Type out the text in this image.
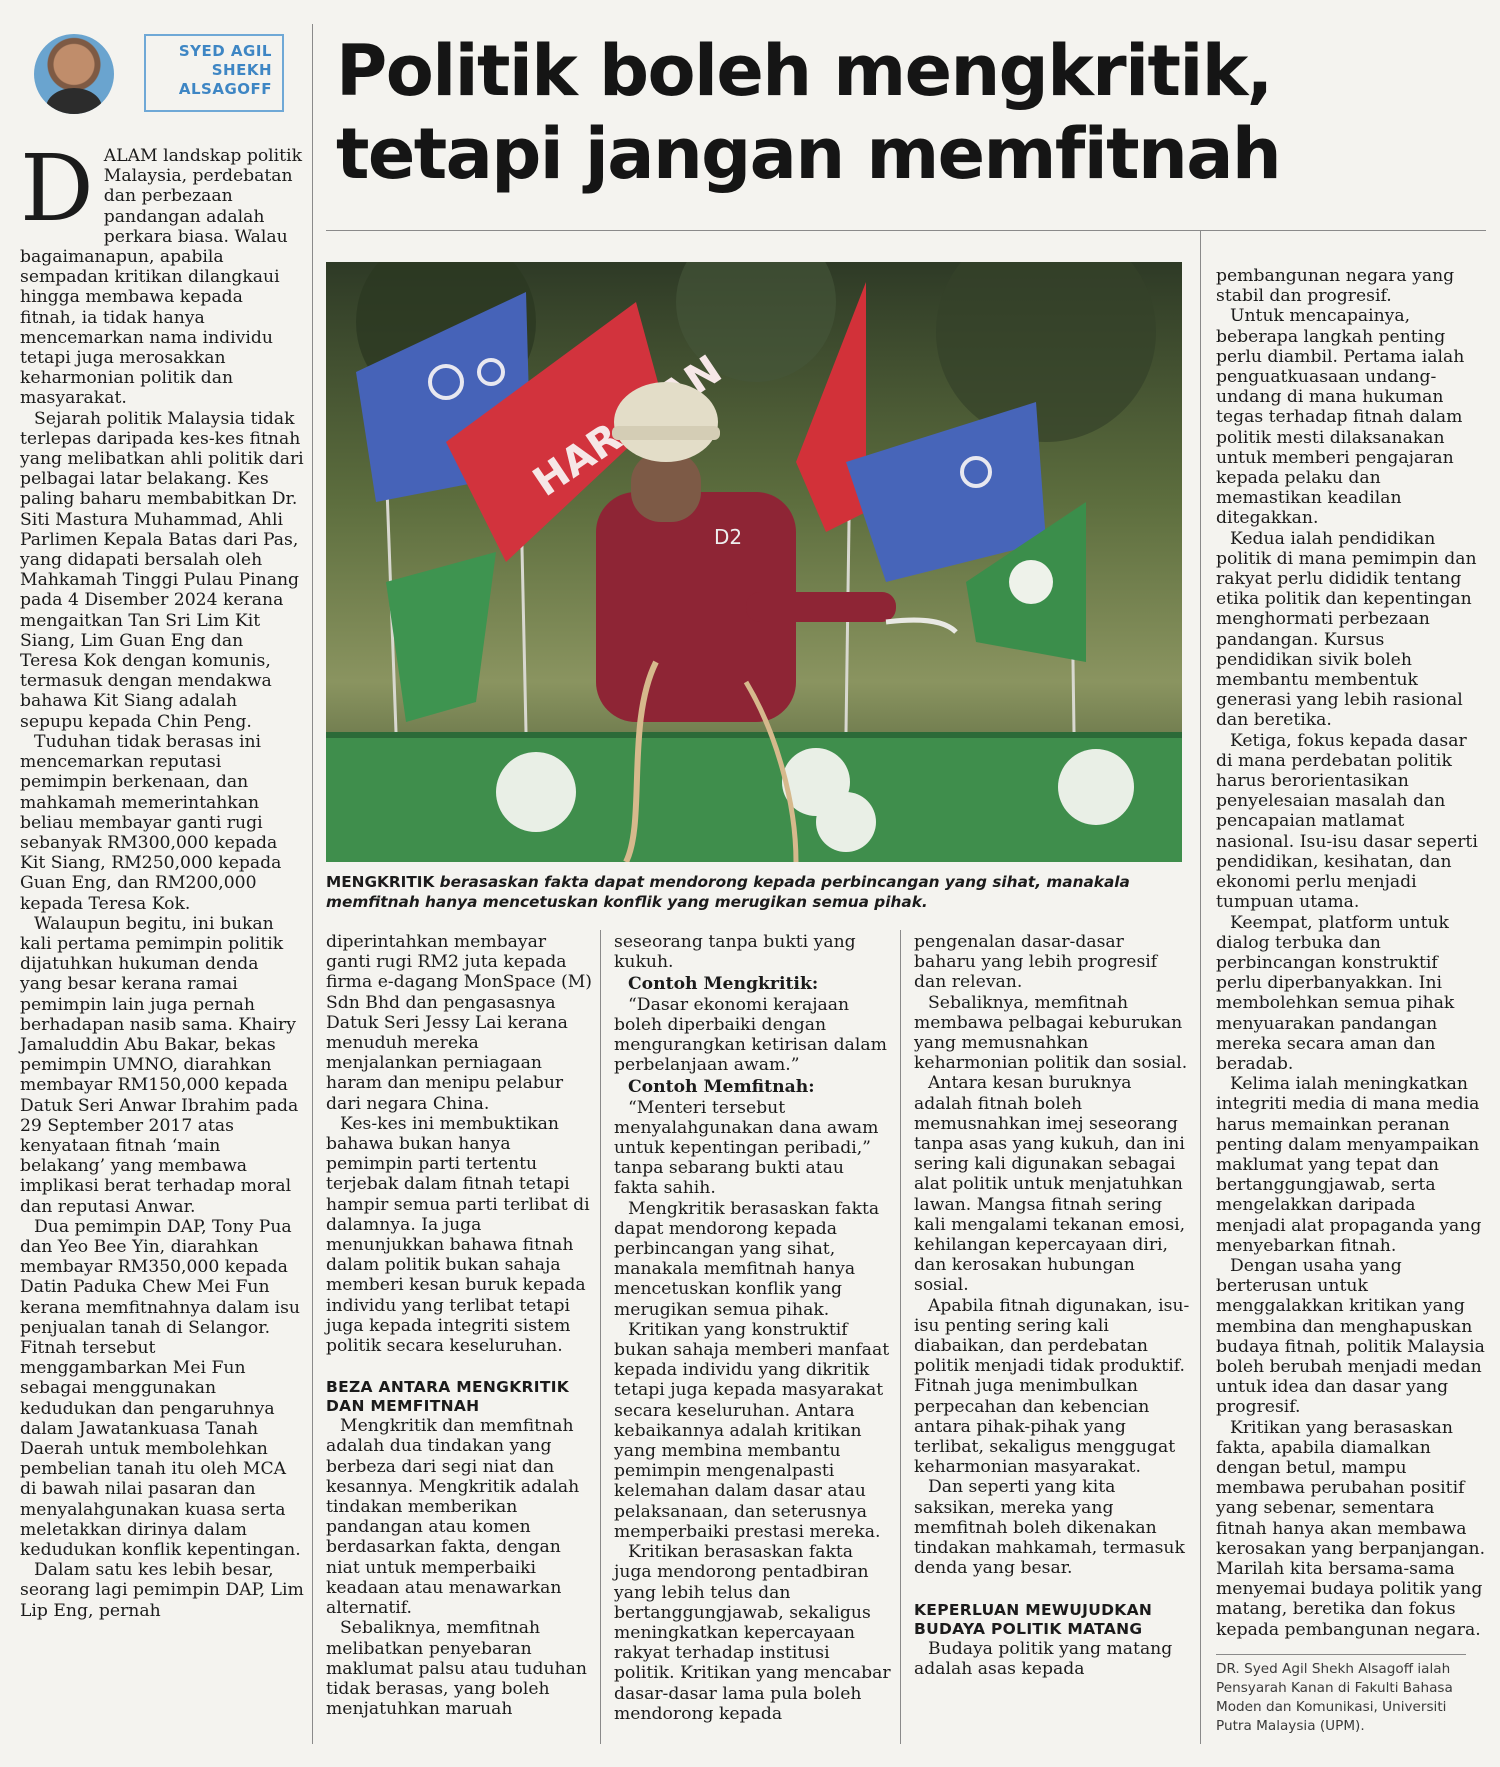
SYED AGIL
SHEKH
ALSAGOFF Politik boleh mengkritik,
tetapi jangan memfitnah

DALAM landskap politik Malaysia, perdebatan dan perbezaan pandangan adalah perkara biasa. Walau bagaimanapun, apabila sempadan kritikan dilangkaui hingga membawa kepada fitnah, ia tidak hanya mencemarkan nama individu tetapi juga merosakkan keharmonian politik dan masyarakat.

Sejarah politik Malaysia tidak terlepas daripada kes-kes fitnah yang melibatkan ahli politik dari pelbagai latar belakang. Kes paling baharu membabitkan Dr. Siti Mastura Muhammad, Ahli Parlimen Kepala Batas dari Pas, yang didapati bersalah oleh Mahkamah Tinggi Pulau Pinang pada 4 Disember 2024 kerana mengaitkan Tan Sri Lim Kit Siang, Lim Guan Eng dan Teresa Kok dengan komunis, termasuk dengan mendakwa bahawa Kit Siang adalah sepupu kepada Chin Peng.

Tuduhan tidak berasas ini mencemarkan reputasi pemimpin berkenaan, dan mahkamah memerintahkan beliau membayar ganti rugi sebanyak RM300,000 kepada Kit Siang, RM250,000 kepada Guan Eng, dan RM200,000 kepada Teresa Kok.

Walaupun begitu, ini bukan kali pertama pemimpin politik dijatuhkan hukuman denda yang besar kerana ramai pemimpin lain juga pernah berhadapan nasib sama. Khairy Jamaluddin Abu Bakar, bekas pemimpin UMNO, diarahkan membayar RM150,000 kepada Datuk Seri Anwar Ibrahim pada 29 September 2017 atas kenyataan fitnah ‘main belakang’ yang membawa implikasi berat terhadap moral dan reputasi Anwar.

Dua pemimpin DAP, Tony Pua dan Yeo Bee Yin, diarahkan membayar RM350,000 kepada Datin Paduka Chew Mei Fun kerana memfitnahnya dalam isu penjualan tanah di Selangor. Fitnah tersebut menggambarkan Mei Fun sebagai menggunakan kedudukan dan pengaruhnya dalam Jawatankuasa Tanah Daerah untuk membolehkan pembelian tanah itu oleh MCA di bawah nilai pasaran dan menyalahgunakan kuasa serta meletakkan dirinya dalam kedudukan konflik kepentingan.

Dalam satu kes lebih besar, seorang lagi pemimpin DAP, Lim Lip Eng, pernah

D2
MENGKRITIK berasaskan fakta dapat mendorong kepada perbincangan yang sihat, manakala memfitnah hanya mencetuskan konflik yang merugikan semua pihak.

diperintahkan membayar ganti rugi RM2 juta kepada firma e-dagang MonSpace (M) Sdn Bhd dan pengasasnya Datuk Seri Jessy Lai kerana menuduh mereka menjalankan perniagaan haram dan menipu pelabur dari negara China.

Kes-kes ini membuktikan bahawa bukan hanya pemimpin parti tertentu terjebak dalam fitnah tetapi hampir semua parti terlibat di dalamnya. Ia juga menunjukkan bahawa fitnah dalam politik bukan sahaja memberi kesan buruk kepada individu yang terlibat tetapi juga kepada integriti sistem politik secara keseluruhan.

BEZA ANTARA MENGKRITIK DAN MEMFITNAH

Mengkritik dan memfitnah adalah dua tindakan yang berbeza dari segi niat dan kesannya. Mengkritik adalah tindakan memberikan pandangan atau komen berdasarkan fakta, dengan niat untuk memperbaiki keadaan atau menawarkan alternatif.

Sebaliknya, memfitnah melibatkan penyebaran maklumat palsu atau tuduhan tidak berasas, yang boleh menjatuhkan maruah

seseorang tanpa bukti yang kukuh.

Contoh Mengkritik:

“Dasar ekonomi kerajaan boleh diperbaiki dengan mengurangkan ketirisan dalam perbelanjaan awam.”

Contoh Memfitnah:

“Menteri tersebut menyalahgunakan dana awam untuk kepentingan peribadi,” tanpa sebarang bukti atau fakta sahih.

Mengkritik berasaskan fakta dapat mendorong kepada perbincangan yang sihat, manakala memfitnah hanya mencetuskan konflik yang merugikan semua pihak.

Kritikan yang konstruktif bukan sahaja memberi manfaat kepada individu yang dikritik tetapi juga kepada masyarakat secara keseluruhan. Antara kebaikannya adalah kritikan yang membina membantu pemimpin mengenalpasti kelemahan dalam dasar atau pelaksanaan, dan seterusnya memperbaiki prestasi mereka.

Kritikan berasaskan fakta juga mendorong pentadbiran yang lebih telus dan bertanggungjawab, sekaligus meningkatkan kepercayaan rakyat terhadap institusi politik. Kritikan yang mencabar dasar-dasar lama pula boleh mendorong kepada

pengenalan dasar-dasar baharu yang lebih progresif dan relevan.

Sebaliknya, memfitnah membawa pelbagai keburukan yang memusnahkan keharmonian politik dan sosial.

Antara kesan buruknya adalah fitnah boleh memusnahkan imej seseorang tanpa asas yang kukuh, dan ini sering kali digunakan sebagai alat politik untuk menjatuhkan lawan. Mangsa fitnah sering kali mengalami tekanan emosi, kehilangan kepercayaan diri, dan kerosakan hubungan sosial.

Apabila fitnah digunakan, isu-isu penting sering kali diabaikan, dan perdebatan politik menjadi tidak produktif. Fitnah juga menimbulkan perpecahan dan kebencian antara pihak-pihak yang terlibat, sekaligus menggugat keharmonian masyarakat.

Dan seperti yang kita saksikan, mereka yang memfitnah boleh dikenakan tindakan mahkamah, termasuk denda yang besar.

KEPERLUAN MEWUJUDKAN BUDAYA POLITIK MATANG

Budaya politik yang matang adalah asas kepada

pembangunan negara yang stabil dan progresif.

Untuk mencapainya, beberapa langkah penting perlu diambil. Pertama ialah penguatkuasaan undang-undang di mana hukuman tegas terhadap fitnah dalam politik mesti dilaksanakan untuk memberi pengajaran kepada pelaku dan memastikan keadilan ditegakkan.

Kedua ialah pendidikan politik di mana pemimpin dan rakyat perlu dididik tentang etika politik dan kepentingan menghormati perbezaan pandangan. Kursus pendidikan sivik boleh membantu membentuk generasi yang lebih rasional dan beretika.

Ketiga, fokus kepada dasar di mana perdebatan politik harus berorientasikan penyelesaian masalah dan pencapaian matlamat nasional. Isu-isu dasar seperti pendidikan, kesihatan, dan ekonomi perlu menjadi tumpuan utama.

Keempat, platform untuk dialog terbuka dan perbincangan konstruktif perlu diperbanyakkan. Ini membolehkan semua pihak menyuarakan pandangan mereka secara aman dan beradab.

Kelima ialah meningkatkan integriti media di mana media harus memainkan peranan penting dalam menyampaikan maklumat yang tepat dan bertanggungjawab, serta mengelakkan daripada menjadi alat propaganda yang menyebarkan fitnah.

Dengan usaha yang berterusan untuk menggalakkan kritikan yang membina dan menghapuskan budaya fitnah, politik Malaysia boleh berubah menjadi medan untuk idea dan dasar yang progresif.

Kritikan yang berasaskan fakta, apabila diamalkan dengan betul, mampu membawa perubahan positif yang sebenar, sementara fitnah hanya akan membawa kerosakan yang berpanjangan. Marilah kita bersama-sama menyemai budaya politik yang matang, beretika dan fokus kepada pembangunan negara.

DR. Syed Agil Shekh Alsagoff ialah Pensyarah Kanan di Fakulti Bahasa Moden dan Komunikasi, Universiti Putra Malaysia (UPM).
